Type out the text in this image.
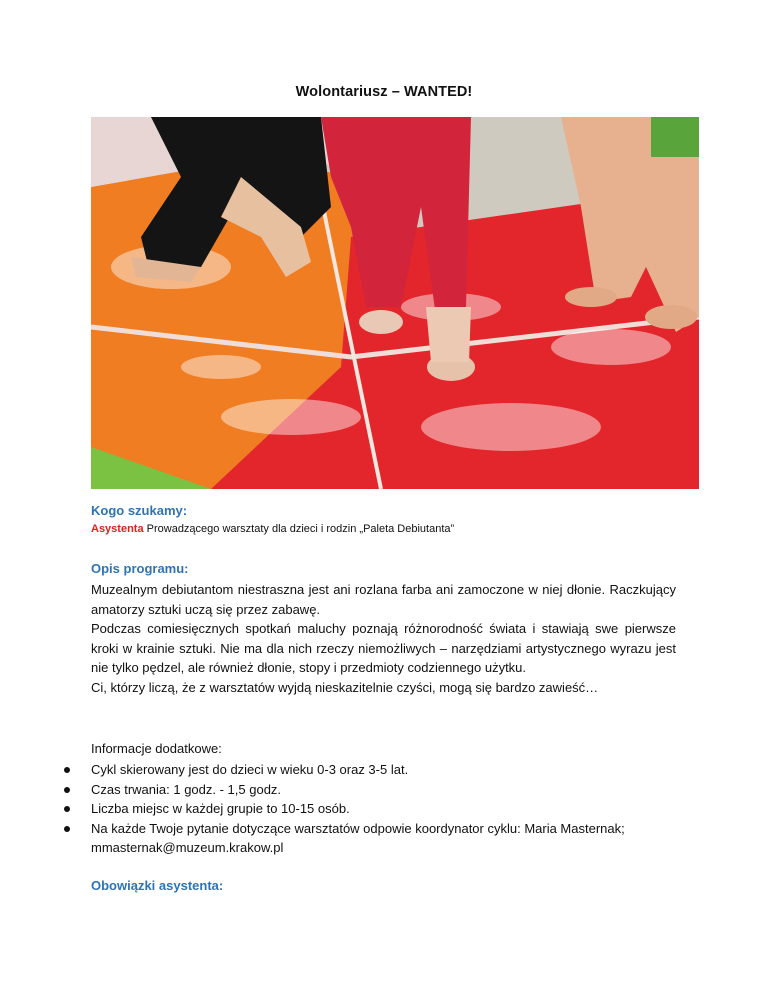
Wolontariusz – WANTED!
Kogo szukamy:
Asystenta Prowadzącego warsztaty dla dzieci i rodzin „Paleta Debiutanta”
Opis programu:

Muzealnym debiutantom niestraszna jest ani rozlana farba ani zamoczone w niej dłonie. Raczkujący amatorzy sztuki uczą się przez zabawę.

Podczas comiesięcznych spotkań maluchy poznają różnorodność świata i stawiają swe pierwsze kroki w krainie sztuki. Nie ma dla nich rzeczy niemożliwych – narzędziami artystycznego wyrazu jest nie tylko pędzel, ale również dłonie, stopy i przedmioty codziennego użytku.

Ci, którzy liczą, że z warsztatów wyjdą nieskazitelnie czyści, mogą się bardzo zawieść…

Informacje dodatkowe:
Cykl skierowany jest do dzieci w wieku 0-3 oraz 3-5 lat.
Czas trwania: 1 godz. - 1,5 godz.
Liczba miejsc w każdej grupie to 10-15 osób.
Na każde Twoje pytanie dotyczące warsztatów odpowie koordynator cyklu: Maria Masternak; mmasternak@muzeum.krakow.pl
Obowiązki asystenta:
